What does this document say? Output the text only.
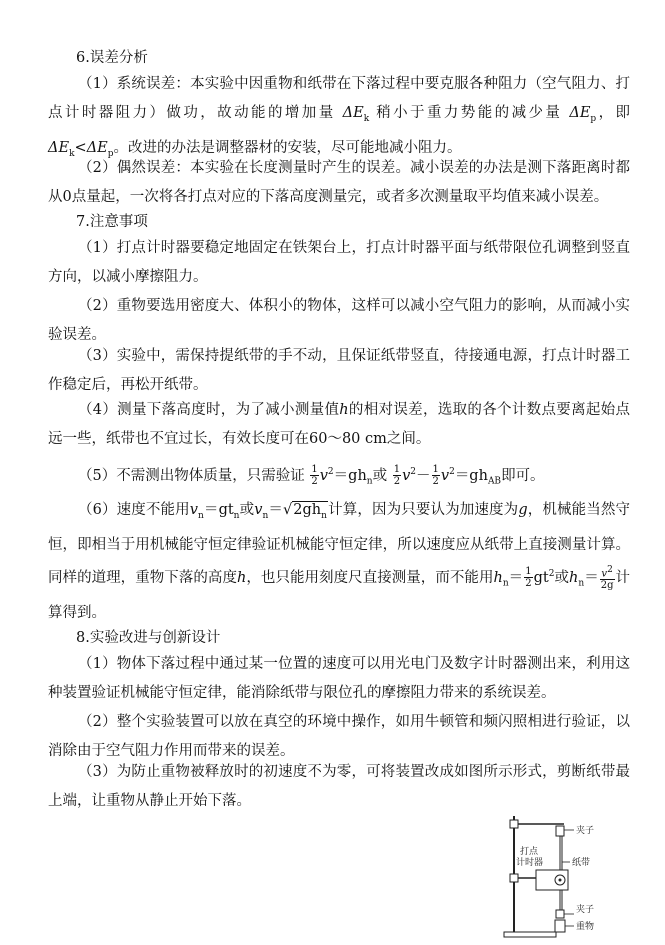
6.误差分析
（1）系统误差：本实验中因重物和纸带在下落过程中要克服各种阻力（空气阻力、打点计时器阻力）做功，故动能的增加量 $\Delta E_k$ 稍小于重力势能的减少量 $\Delta E_p$，即 $\Delta E_k<\Delta E_p$。改进的办法是调整器材的安装，尽可能地减小阻力。
（2）偶然误差：本实验在长度测量时产生的误差。减小误差的办法是测下落距离时都从0点量起，一次将各打点对应的下落高度测量完，或者多次测量取平均值来减小误差。
7.注意事项
（1）打点计时器要稳定地固定在铁架台上，打点计时器平面与纸带限位孔调整到竖直方向，以减小摩擦阻力。
（2）重物要选用密度大、体积小的物体，这样可以减小空气阻力的影响，从而减小实验误差。
（3）实验中，需保持提纸带的手不动，且保证纸带竖直，待接通电源，打点计时器工作稳定后，再松开纸带。
（4）测量下落高度时，为了减小测量值h的相对误差，选取的各个计数点要离起始点远一些，纸带也不宜过长，有效长度可在60～80 cm之间。
（5）不需测出物体质量，只需验证 $\frac{1}{2} v^2=gh_n$或 $\frac{1}{2} v^2- \frac{1}{2} v^2=gh_{AB}$即可。
（6）速度不能用$v_n=gt_n$或$v_n=√2gh_n$计算，因为只要认为加速度为g，机械能当然守恒，即相当于用机械能守恒定律验证机械能守恒定律，所以速度应从纸带上直接测量计算。同样的道理，重物下落的高度h，也只能用刻度尺直接测量，而不能用$h_n= \frac{1}{2} gt^2$或$h_n= \frac{v^2}{2g}$ 计算得到。
8.实验改进与创新设计
（1）物体下落过程中通过某一位置的速度可以用光电门及数字计时器测出来，利用这种装置验证机械能守恒定律，能消除纸带与限位孔的摩擦阻力带来的系统误差。
（2）整个实验装置可以放在真空的环境中操作，如用牛顿管和频闪照相进行验证，以消除由于空气阻力作用而带来的误差。
（3）为防止重物被释放时的初速度不为零，可将装置改成如图所示形式，剪断纸带最上端，让重物从静止开始下落。
夹子
打点
计时器	纸带
夹子
重物
